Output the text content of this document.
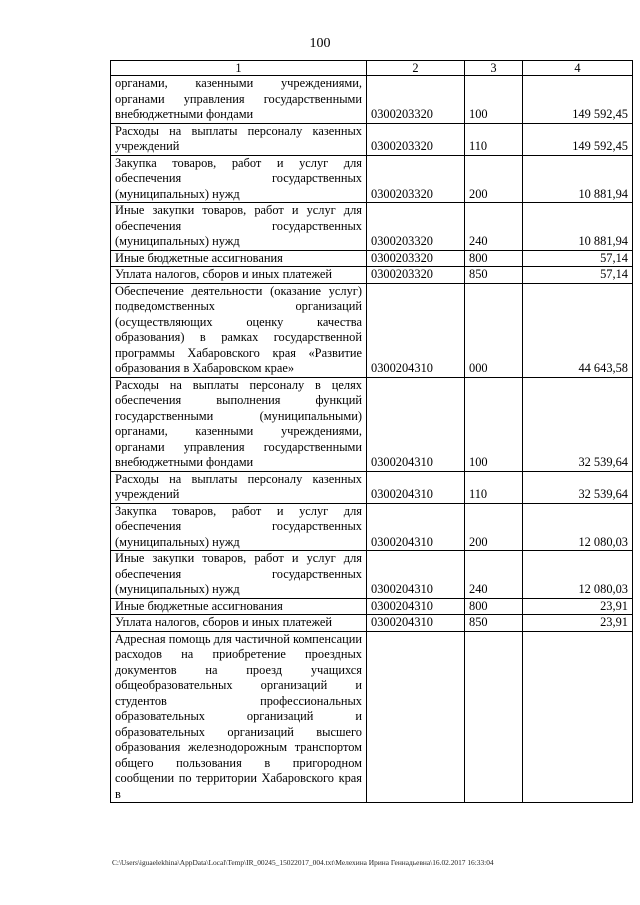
100
1	2	3	4
органами, казенными учреждениями, органами управления государственными внебюджетными фондами	0300203320	100	149 592,45
Расходы на выплаты персоналу казенных учреждений	0300203320	110	149 592,45
Закупка товаров, работ и услуг для обеспечения государственных (муниципальных) нужд	0300203320	200	10 881,94
Иные закупки товаров, работ и услуг для обеспечения государственных (муниципальных) нужд	0300203320	240	10 881,94
Иные бюджетные ассигнования	0300203320	800	57,14
Уплата налогов, сборов и иных платежей	0300203320	850	57,14
Обеспечение деятельности (оказание услуг) подведомственных организаций (осуществляющих оценку качества образования) в рамках государственной программы Хабаровского края «Развитие образования в Хабаровском крае»	0300204310	000	44 643,58
Расходы на выплаты персоналу в целях обеспечения выполнения функций государственными (муниципальными) органами, казенными учреждениями, органами управления государственными внебюджетными фондами	0300204310	100	32 539,64
Расходы на выплаты персоналу казенных учреждений	0300204310	110	32 539,64
Закупка товаров, работ и услуг для обеспечения государственных (муниципальных) нужд	0300204310	200	12 080,03
Иные закупки товаров, работ и услуг для обеспечения государственных (муниципальных) нужд	0300204310	240	12 080,03
Иные бюджетные ассигнования	0300204310	800	23,91
Уплата налогов, сборов и иных платежей	0300204310	850	23,91
Адресная помощь для частичной компенсации расходов на приобретение проездных документов на проезд учащихся общеобразовательных организаций и студентов профессиональных образовательных организаций и образовательных организаций высшего образования железнодорожным транспортом общего пользования в пригородном сообщении по территории Хабаровского края в			
C:\Users\iguaelekhina\AppData\Local\Temp\IR_00245_15022017_004.txt\Мелехина Ирина Геннадьевна\16.02.2017 16:33:04
